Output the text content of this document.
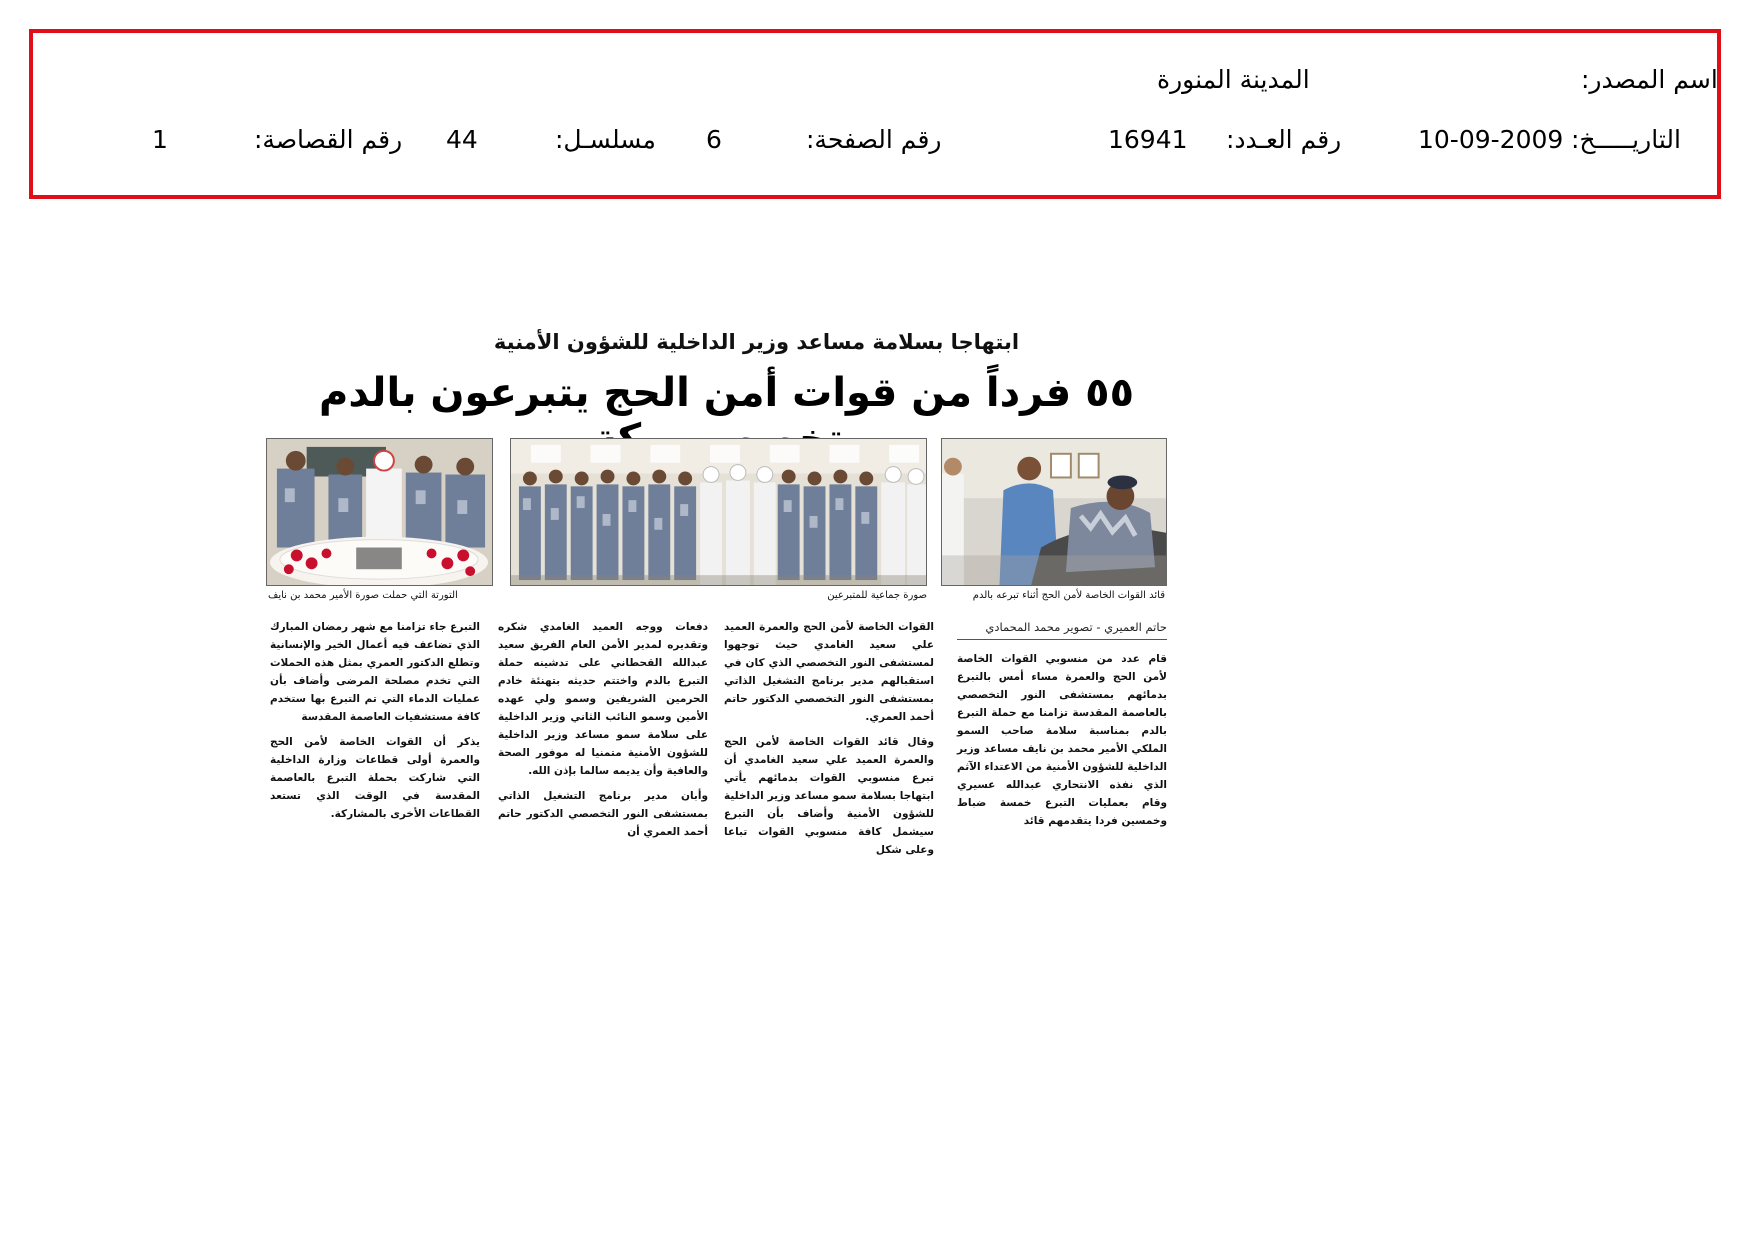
اسم المصدر:
المدينة المنورة
التاريـــــخ:
10-09-2009
رقم العـدد:
16941
رقم الصفحة:
6
مسلسـل:
44
رقم القصاصة:
1
ابتهاجا بسلامة مساعد وزير الداخلية للشؤون الأمنية
٥٥ فرداً من قوات أمن الحج يتبرعون بالدم
قائد القوات الخاصة لأمن الحج أثناء تبرعه بالدم
صورة جماعية للمتبرعين
التورتة التي حملت صورة الأمير محمد بن نايف
حاتم العميري - تصوير محمد المحمادي

قام عدد من منسوبي القوات الخاصة لأمن الحج والعمرة مساء أمس بالتبرع بدمائهم بمستشفى النور التخصصي بالعاصمة المقدسة تزامنا مع حملة التبرع بالدم بمناسبة سلامة صاحب السمو الملكي الأمير محمد بن نايف مساعد وزير الداخلية للشؤون الأمنية من الاعتداء الآثم الذي نفذه الانتحاري عبدالله عسيري وقام بعمليات التبرع خمسة ضباط وخمسين فردا يتقدمهم قائد

القوات الخاصة لأمن الحج والعمرة العميد علي سعيد الغامدي حيث توجهوا لمستشفى النور التخصصي الذي كان في استقبالهم مدير برنامج التشغيل الذاتي بمستشفى النور التخصصي الدكتور حاتم أحمد العمري.

وقال قائد القوات الخاصة لأمن الحج والعمرة العميد علي سعيد الغامدي أن تبرع منسوبي القوات بدمائهم يأتي ابتهاجا بسلامة سمو مساعد وزير الداخلية للشؤون الأمنية وأضاف بأن التبرع سيشمل كافة منسوبي القوات تباعا وعلى شكل

دفعات ووجه العميد الغامدي شكره وتقديره لمدير الأمن العام الفريق سعيد عبدالله القحطاني على تدشينه حملة التبرع بالدم واختتم حديثه بتهنئة خادم الحرمين الشريفين وسمو ولي عهده الأمين وسمو النائب الثاني وزير الداخلية على سلامة سمو مساعد وزير الداخلية للشؤون الأمنية متمنيا له موفور الصحة والعافية وأن يديمه سالما بإذن الله.

وأبان مدير برنامج التشغيل الذاتي بمستشفى النور التخصصي الدكتور حاتم أحمد العمري أن

التبرع جاء تزامنا مع شهر رمضان المبارك الذي تضاعف فيه أعمال الخير والإنسانية وتطلع الدكتور العمري بمثل هذه الحملات التي تخدم مصلحة المرضى وأضاف بأن عمليات الدماء التي تم التبرع بها ستخدم كافة مستشفيات العاصمة المقدسة

يذكر أن القوات الخاصة لأمن الحج والعمرة أولى قطاعات وزارة الداخلية التي شاركت بحملة التبرع بالعاصمة المقدسة في الوقت الذي تستعد القطاعات الأخرى بالمشاركة.
